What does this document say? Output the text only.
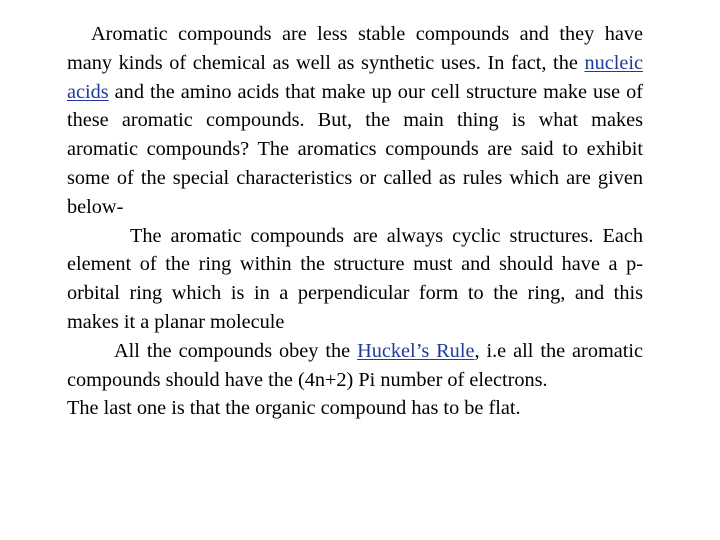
Aromatic compounds are less stable compounds and they have many kinds of chemical as well as synthetic uses. In fact, the nucleic acids and the amino acids that make up our cell structure make use of these aromatic compounds. But, the main thing is what makes aromatic compounds? The aromatics compounds are said to exhibit some of the special characteristics or called as rules which are given below-

The aromatic compounds are always cyclic structures. Each element of the ring within the structure must and should have a p-orbital ring which is in a perpendicular form to the ring, and this makes it a planar molecule

All the compounds obey the Huckel’s Rule, i.e all the aromatic compounds should have the (4n+2) Pi number of electrons.

The last one is that the organic compound has to be flat.
